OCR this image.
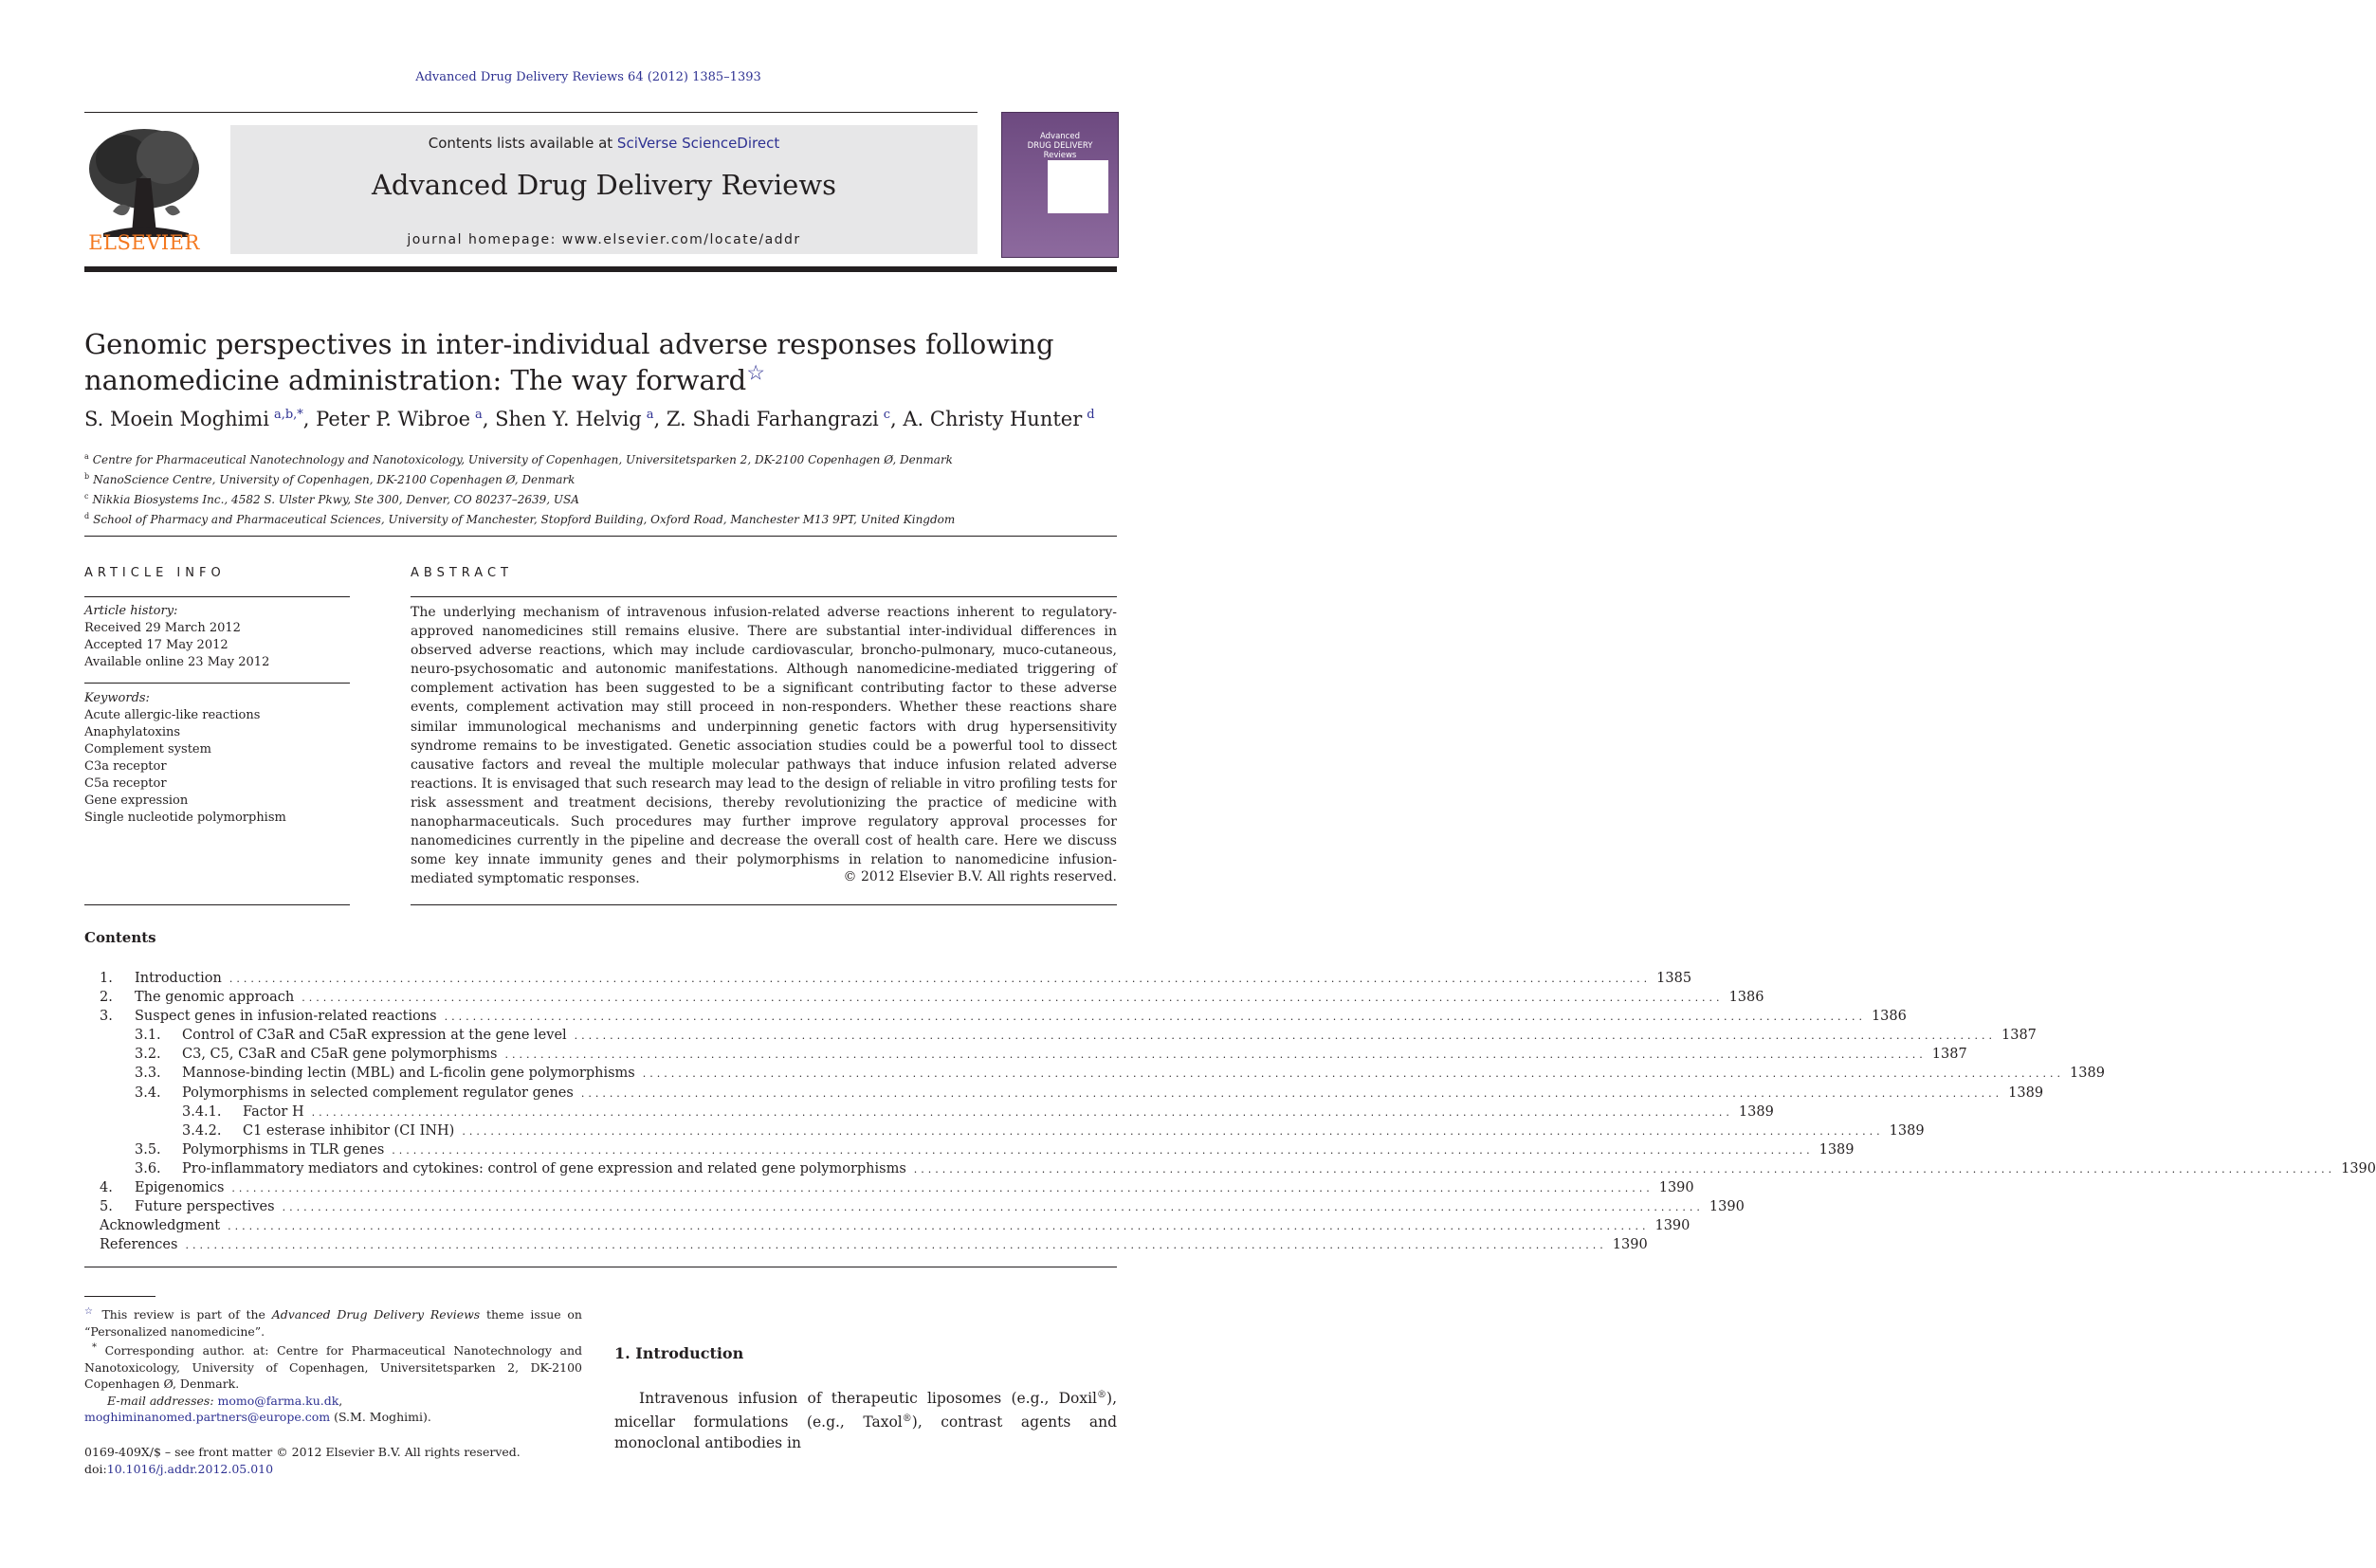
Advanced Drug Delivery Reviews 64 (2012) 1385–1393
ELSEVIER
Contents lists available at SciVerse ScienceDirect
Advanced Drug Delivery Reviews
journal homepage: www.elsevier.com/locate/addr
Advanced
DRUG DELIVERY
Reviews
Genomic perspectives in inter-individual adverse responses following nanomedicine administration: The way forward☆
S. Moein Moghimi $^{a,b,*}$, Peter P. Wibroe $^a$, Shen Y. Helvig $^a$, Z. Shadi Farhangrazi $^c$, A. Christy Hunter $^d$
$^a$ Centre for Pharmaceutical Nanotechnology and Nanotoxicology, University of Copenhagen, Universitetsparken 2, DK-2100 Copenhagen Ø, Denmark
$^b$ NanoScience Centre, University of Copenhagen, DK-2100 Copenhagen Ø, Denmark
$^c$ Nikkia Biosystems Inc., 4582 S. Ulster Pkwy, Ste 300, Denver, CO 80237–2639, USA
$^d$ School of Pharmacy and Pharmaceutical Sciences, University of Manchester, Stopford Building, Oxford Road, Manchester M13 9PT, United Kingdom
ARTICLE INFO
Article history:
Received 29 March 2012
Accepted 17 May 2012
Available online 23 May 2012
Keywords:
Acute allergic-like reactions
Anaphylatoxins
Complement system
C3a receptor
C5a receptor
Gene expression
Single nucleotide polymorphism
ABSTRACT
The underlying mechanism of intravenous infusion-related adverse reactions inherent to regulatory-approved nanomedicines still remains elusive. There are substantial inter-individual differences in observed adverse reactions, which may include cardiovascular, broncho-pulmonary, muco-cutaneous, neuro-psychosomatic and autonomic manifestations. Although nanomedicine-mediated triggering of complement activation has been suggested to be a significant contributing factor to these adverse events, complement activation may still proceed in non-responders. Whether these reactions share similar immunological mechanisms and underpinning genetic factors with drug hypersensitivity syndrome remains to be investigated. Genetic association studies could be a powerful tool to dissect causative factors and reveal the multiple molecular pathways that induce infusion related adverse reactions. It is envisaged that such research may lead to the design of reliable in vitro profiling tests for risk assessment and treatment decisions, thereby revolutionizing the practice of medicine with nanopharmaceuticals. Such procedures may further improve regulatory approval processes for nanomedicines currently in the pipeline and decrease the overall cost of health care. Here we discuss some key innate immunity genes and their polymorphisms in relation to nanomedicine infusion-mediated symptomatic responses.	© 2012 Elsevier B.V. All rights reserved.
Contents
1.	Introduction ........................................................................................................................................................................................................ 1385
2.	The genomic approach ........................................................................................................................................................................................................ 1386
3.	Suspect genes in infusion-related reactions ........................................................................................................................................................................................................ 1386
3.1.	Control of C3aR and C5aR expression at the gene level ........................................................................................................................................................................................................ 1387
3.2.	C3, C5, C3aR and C5aR gene polymorphisms ........................................................................................................................................................................................................ 1387
3.3.	Mannose-binding lectin (MBL) and L-ficolin gene polymorphisms ........................................................................................................................................................................................................ 1389
3.4.	Polymorphisms in selected complement regulator genes ........................................................................................................................................................................................................ 1389
3.4.1.	Factor H ........................................................................................................................................................................................................ 1389
3.4.2.	C1 esterase inhibitor (CI INH) ........................................................................................................................................................................................................ 1389
3.5.	Polymorphisms in TLR genes ........................................................................................................................................................................................................ 1389
3.6.	Pro-inflammatory mediators and cytokines: control of gene expression and related gene polymorphisms ........................................................................................................................................................................................................ 1390
4.	Epigenomics ........................................................................................................................................................................................................ 1390
5.	Future perspectives ........................................................................................................................................................................................................ 1390
Acknowledgment ........................................................................................................................................................................................................ 1390
References ........................................................................................................................................................................................................ 1390

☆ This review is part of the Advanced Drug Delivery Reviews theme issue on “Personalized nanomedicine”.

* Corresponding author. at: Centre for Pharmaceutical Nanotechnology and Nanotoxicology, University of Copenhagen, Universitetsparken 2, DK-2100 Copenhagen Ø, Denmark.

E-mail addresses: momo@farma.ku.dk, moghiminanomed.partners@europe.com (S.M. Moghimi).

0169-409X/$ – see front matter © 2012 Elsevier B.V. All rights reserved.
doi:10.1016/j.addr.2012.05.010
1. Introduction
Intravenous infusion of therapeutic liposomes (e.g., Doxil®), micellar formulations (e.g., Taxol®), contrast agents and monoclonal antibodies in
